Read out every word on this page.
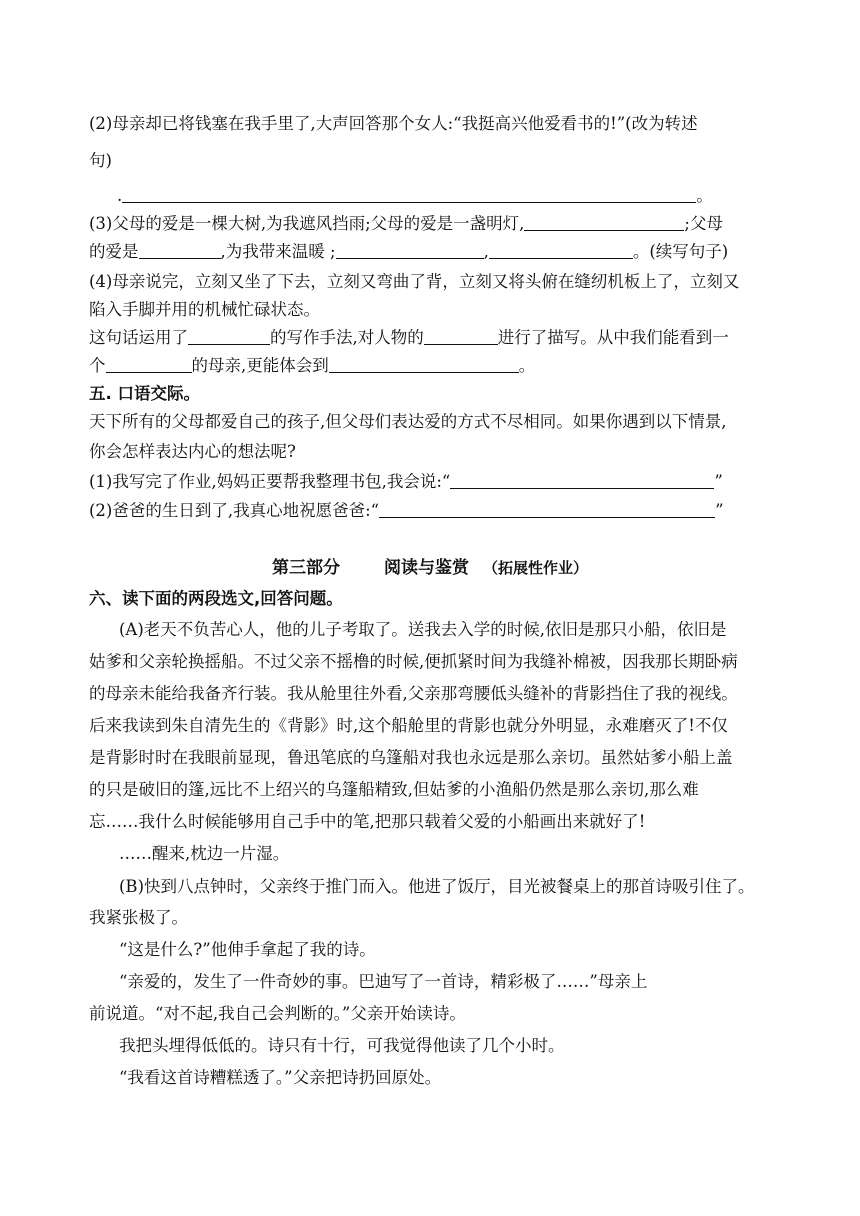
(2)母亲却已将钱塞在我手里了,大声回答那个女人:“我挺高兴他爱看书的!”(改为转述
句)
.	。
(3)父母的爱是一棵大树,为我遮风挡雨;父母的爱是一盏明灯,	;父母
的爱是	,为我带来温暖 ;	,	。(续写句子)
(4)母亲说完，立刻又坐了下去，立刻又弯曲了背，立刻又将头俯在缝纫机板上了，立刻又
陷入手脚并用的机械忙碌状态。
这句话运用了	的写作手法,对人物的	进行了描写。从中我们能看到一
个	的母亲,更能体会到	。
五. 口语交际。
天下所有的父母都爱自己的孩子,但父母们表达爱的方式不尽相同。如果你遇到以下情景,
你会怎样表达内心的想法呢?
(1)我写完了作业,妈妈正要帮我整理书包,我会说:“	”
(2)爸爸的生日到了,我真心地祝愿爸爸:“	”
第三部分	阅读与鉴赏 （拓展性作业）
六、读下面的两段选文,回答问题。
(A)老天不负苦心人，他的儿子考取了。送我去入学的时候,依旧是那只小船，依旧是
姑爹和父亲轮换摇船。不过父亲不摇橹的时候,便抓紧时间为我缝补棉被，因我那长期卧病
的母亲未能给我备齐行装。我从舱里往外看,父亲那弯腰低头缝补的背影挡住了我的视线。
后来我读到朱自清先生的《背影》时,这个船舱里的背影也就分外明显，永难磨灭了!不仅
是背影时时在我眼前显现，鲁迅笔底的乌篷船对我也永远是那么亲切。虽然姑爹小船上盖
的只是破旧的篷,远比不上绍兴的乌篷船精致,但姑爹的小渔船仍然是那么亲切,那么难
忘……我什么时候能够用自己手中的笔,把那只载着父爱的小船画出来就好了!
……醒来,枕边一片湿。
(B)快到八点钟时，父亲终于推门而入。他进了饭厅，目光被餐桌上的那首诗吸引住了。
我紧张极了。
“这是什么?”他伸手拿起了我的诗。
“亲爱的，发生了一件奇妙的事。巴迪写了一首诗，精彩极了……”母亲上
前说道。“对不起,我自己会判断的。”父亲开始读诗。
我把头埋得低低的。诗只有十行，可我觉得他读了几个小时。
“我看这首诗糟糕透了。”父亲把诗扔回原处。
